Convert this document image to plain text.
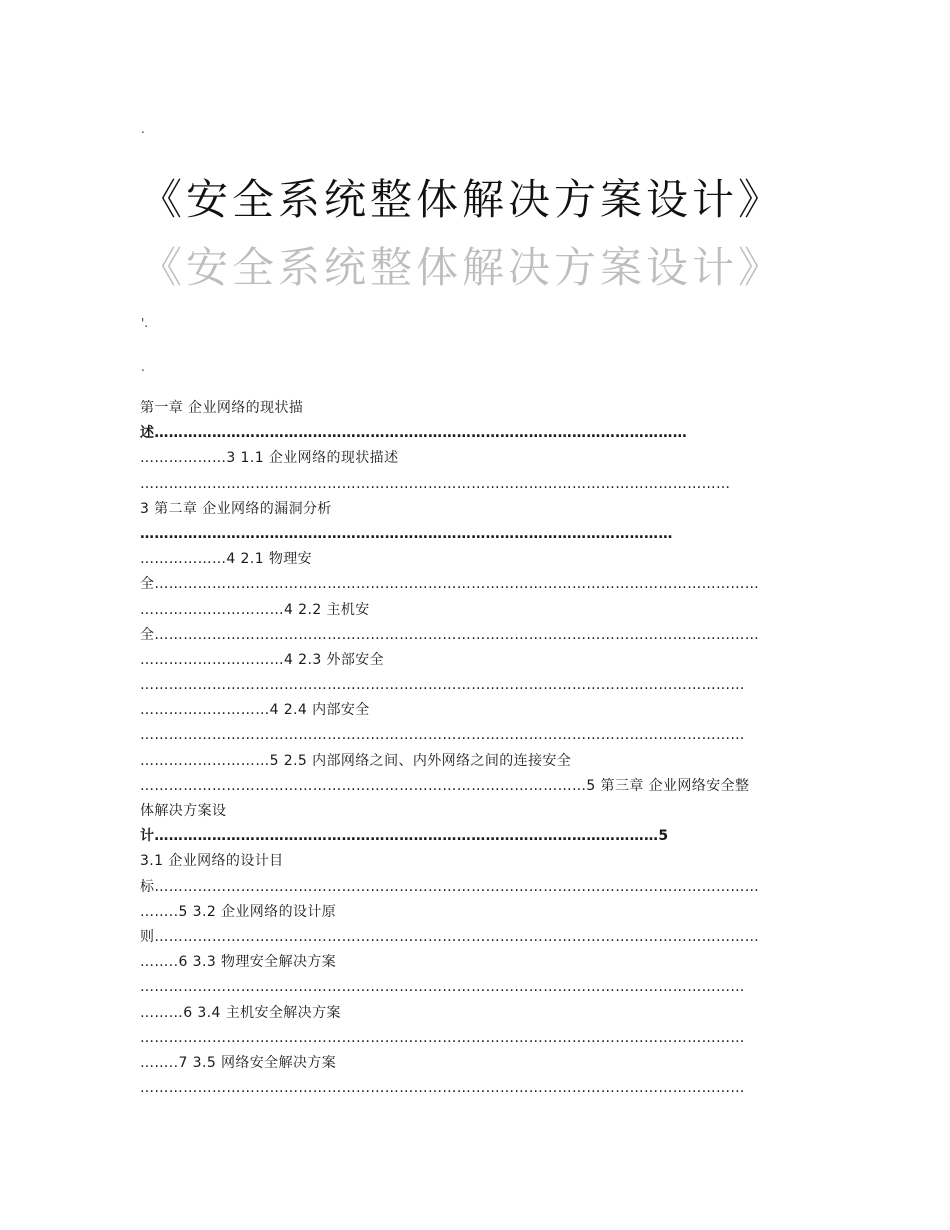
.
《安全系统整体解决方案设计》
《安全系统整体解决方案设计》
'.
.
第一章 企业网络的现状描
述…………………………………………………………………………………………………
………………3 1.1 企业网络的现状描述
……………………………………………………………………………………………………………
3 第二章 企业网络的漏洞分析
…………………………………………………………………………………………………
………………4 2.1 物理安
全………………………………………………………………………………………………………………
…………………………4 2.2 主机安
全………………………………………………………………………………………………………………
…………………………4 2.3 外部安全
………………………………………………………………………………………………………………
………………………4 2.4 内部安全
………………………………………………………………………………………………………………
………………………5 2.5 内部网络之间、内外网络之间的连接安全
…………………………………………………………………………………5 第三章 企业网络安全整
体解决方案设
计……………………………………………………………………………………………5
3.1 企业网络的设计目
标………………………………………………………………………………………………………………
……..5 3.2 企业网络的设计原
则………………………………………………………………………………………………………………
……..6 3.3 物理安全解决方案
………………………………………………………………………………………………………………
………6 3.4 主机安全解决方案
………………………………………………………………………………………………………………
……..7 3.5 网络安全解决方案
………………………………………………………………………………………………………………
